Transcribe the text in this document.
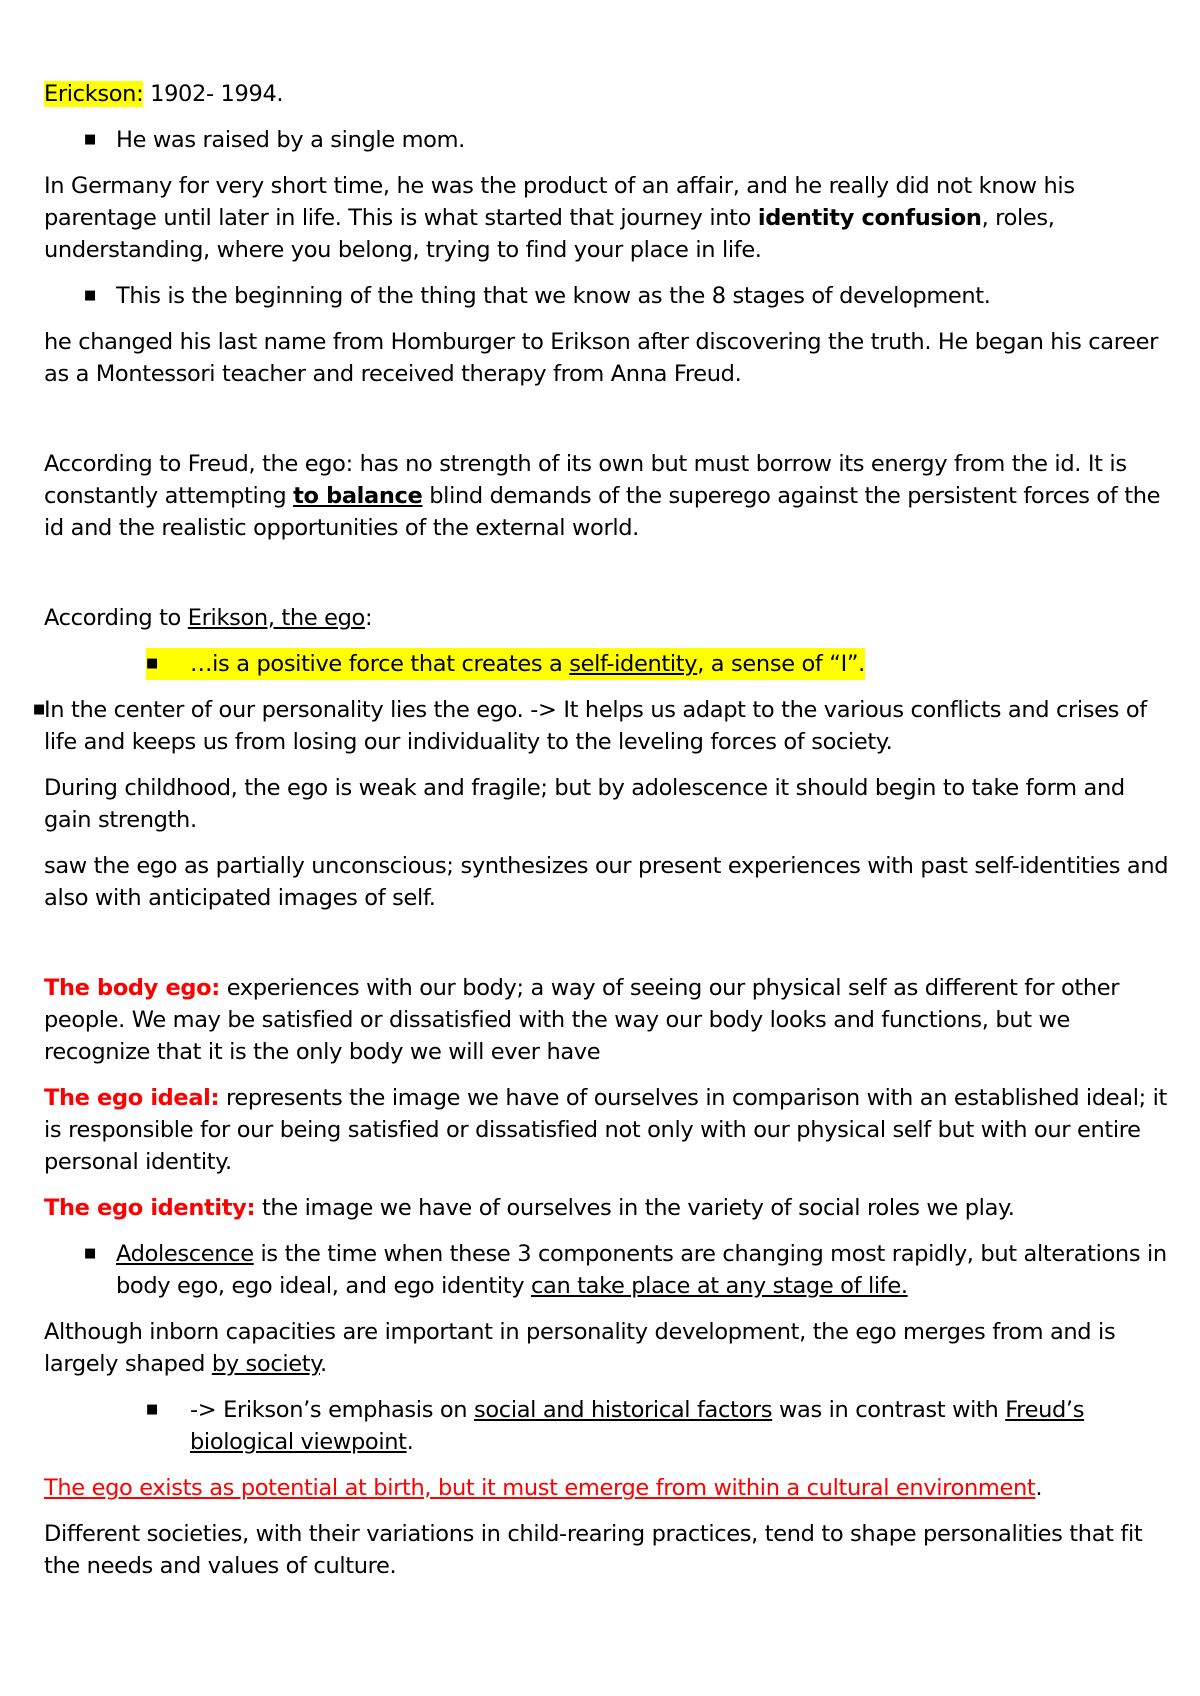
Erickson: 1902- 1994.

■ He was raised by a single mom.

In Germany for very short time, he was the product of an affair, and he really did not know his parentage until later in life. This is what started that journey into identity confusion, roles, understanding, where you belong, trying to find your place in life.

■ This is the beginning of the thing that we know as the 8 stages of development.

he changed his last name from Homburger to Erikson after discovering the truth. He began his career as a Montessori teacher and received therapy from Anna Freud.

According to Freud, the ego: has no strength of its own but must borrow its energy from the id. It is constantly attempting to balance blind demands of the superego against the persistent forces of the id and the realistic opportunities of the external world.

According to Erikson, the ego:

■	…is a positive force that creates a self-identity, a sense of “I”.
■ In the center of our personality lies the ego. -> It helps us adapt to the various conflicts and crises of life and keeps us from losing our individuality to the leveling forces of society.

During childhood, the ego is weak and fragile; but by adolescence it should begin to take form and gain strength.

saw the ego as partially unconscious; synthesizes our present experiences with past self-identities and also with anticipated images of self.

The body ego: experiences with our body; a way of seeing our physical self as different for other people. We may be satisfied or dissatisfied with the way our body looks and functions, but we recognize that it is the only body we will ever have

The ego ideal: represents the image we have of ourselves in comparison with an established ideal; it is responsible for our being satisfied or dissatisfied not only with our physical self but with our entire personal identity.

The ego identity: the image we have of ourselves in the variety of social roles we play.

■ Adolescence is the time when these 3 components are changing most rapidly, but alterations in body ego, ego ideal, and ego identity can take place at any stage of life.

Although inborn capacities are important in personality development, the ego merges from and is largely shaped by society.

■ -> Erikson’s emphasis on social and historical factors was in contrast with Freud’s biological viewpoint.

The ego exists as potential at birth, but it must emerge from within a cultural environment.

Different societies, with their variations in child-rearing practices, tend to shape personalities that fit the needs and values of culture.
